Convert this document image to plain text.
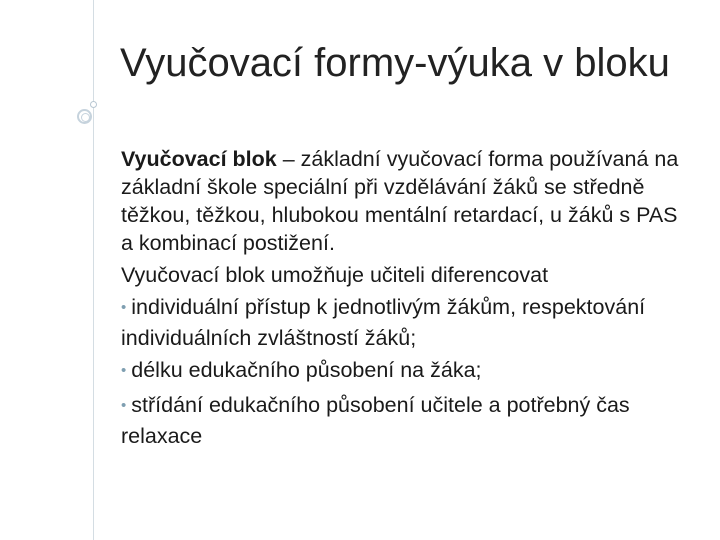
Vyučovací formy-výuka v bloku

Vyučovací blok – základní vyučovací forma používaná na základní škole speciální při vzdělávání žáků se středně těžkou, těžkou, hlubokou mentální retardací, u žáků s PAS a kombinací postižení.

Vyučovací blok umožňuje učiteli diferencovat

• individuální přístup k jednotlivým žákům, respektování individuálních zvláštností žáků;

• délku edukačního působení na žáka;

• střídání edukačního působení učitele a potřebný čas relaxace
